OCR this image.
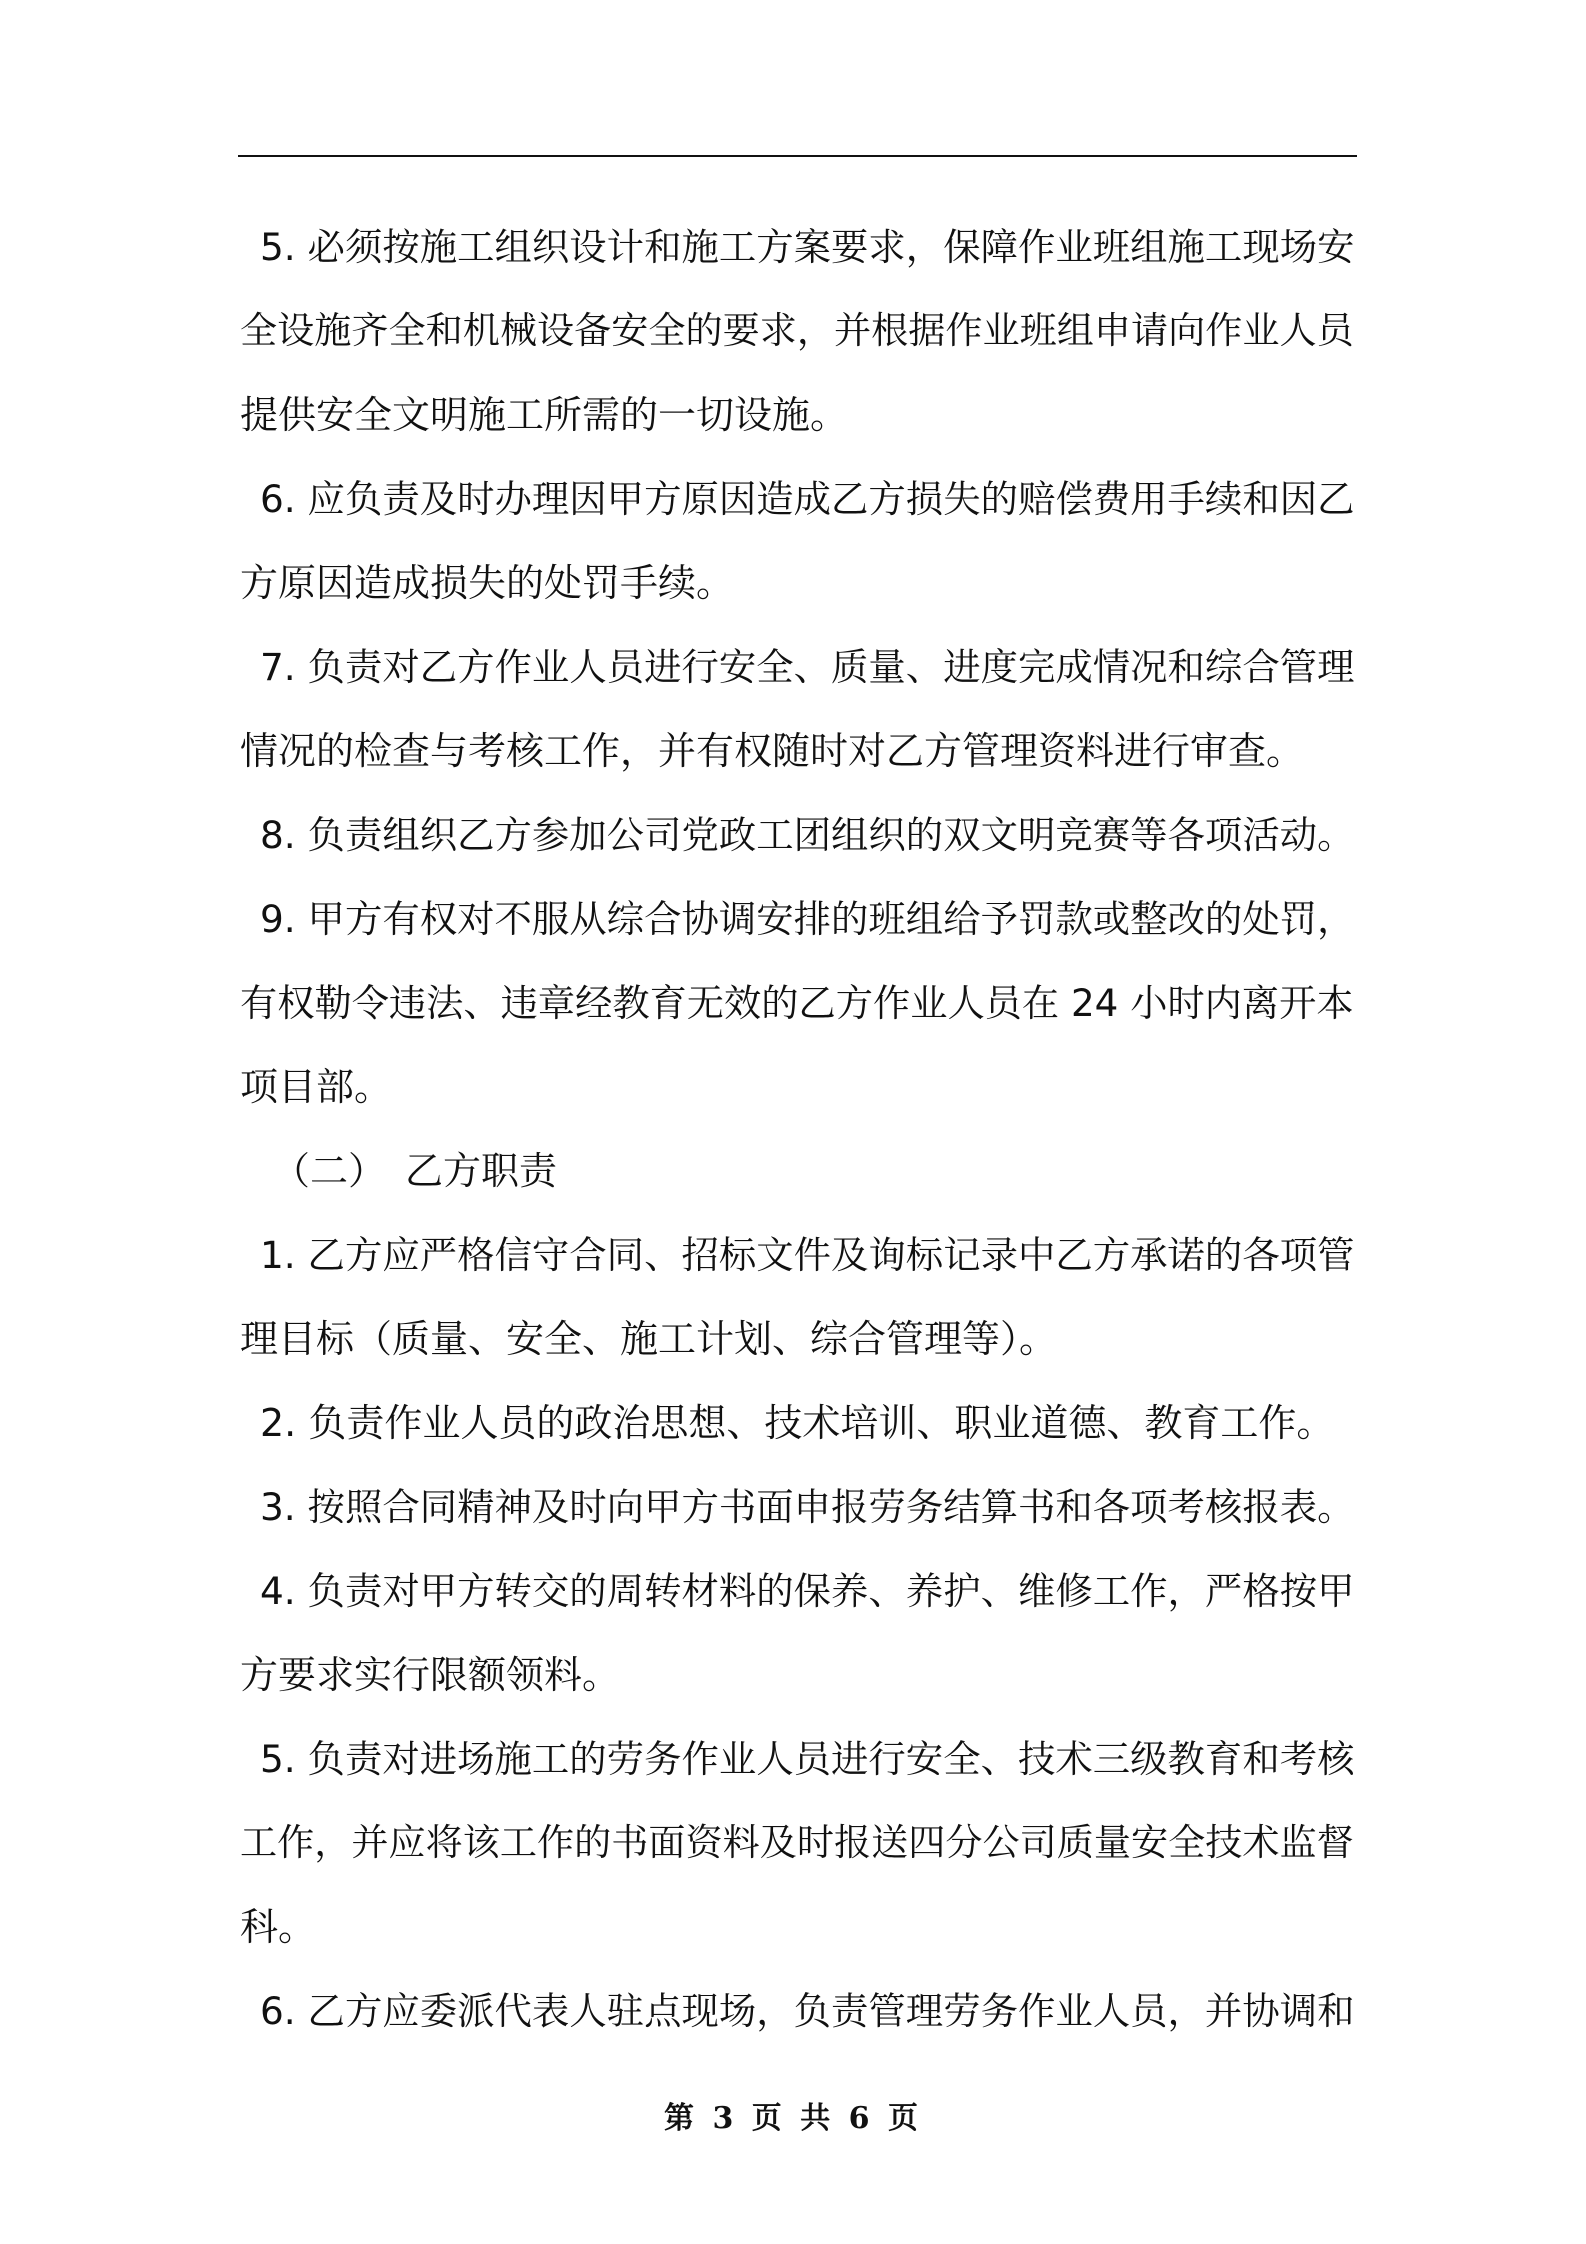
5. 必须按施工组织设计和施工方案要求，保障作业班组施工现场安
全设施齐全和机械设备安全的要求，并根据作业班组申请向作业人员
提供安全文明施工所需的一切设施。
6. 应负责及时办理因甲方原因造成乙方损失的赔偿费用手续和因乙
方原因造成损失的处罚手续。
7. 负责对乙方作业人员进行安全、质量、进度完成情况和综合管理
情况的检查与考核工作，并有权随时对乙方管理资料进行审查。
8. 负责组织乙方参加公司党政工团组织的双文明竞赛等各项活动。
9. 甲方有权对不服从综合协调安排的班组给予罚款或整改的处罚，
有权勒令违法、违章经教育无效的乙方作业人员在 24 小时内离开本
项目部。
（二）　乙方职责
1. 乙方应严格信守合同、招标文件及询标记录中乙方承诺的各项管
理目标（质量、安全、施工计划、综合管理等）。
2. 负责作业人员的政治思想、技术培训、职业道德、教育工作。
3. 按照合同精神及时向甲方书面申报劳务结算书和各项考核报表。
4. 负责对甲方转交的周转材料的保养、养护、维修工作，严格按甲
方要求实行限额领料。
5. 负责对进场施工的劳务作业人员进行安全、技术三级教育和考核
工作，并应将该工作的书面资料及时报送四分公司质量安全技术监督
科。
6. 乙方应委派代表人驻点现场，负责管理劳务作业人员，并协调和
第 3 页 共 6 页
